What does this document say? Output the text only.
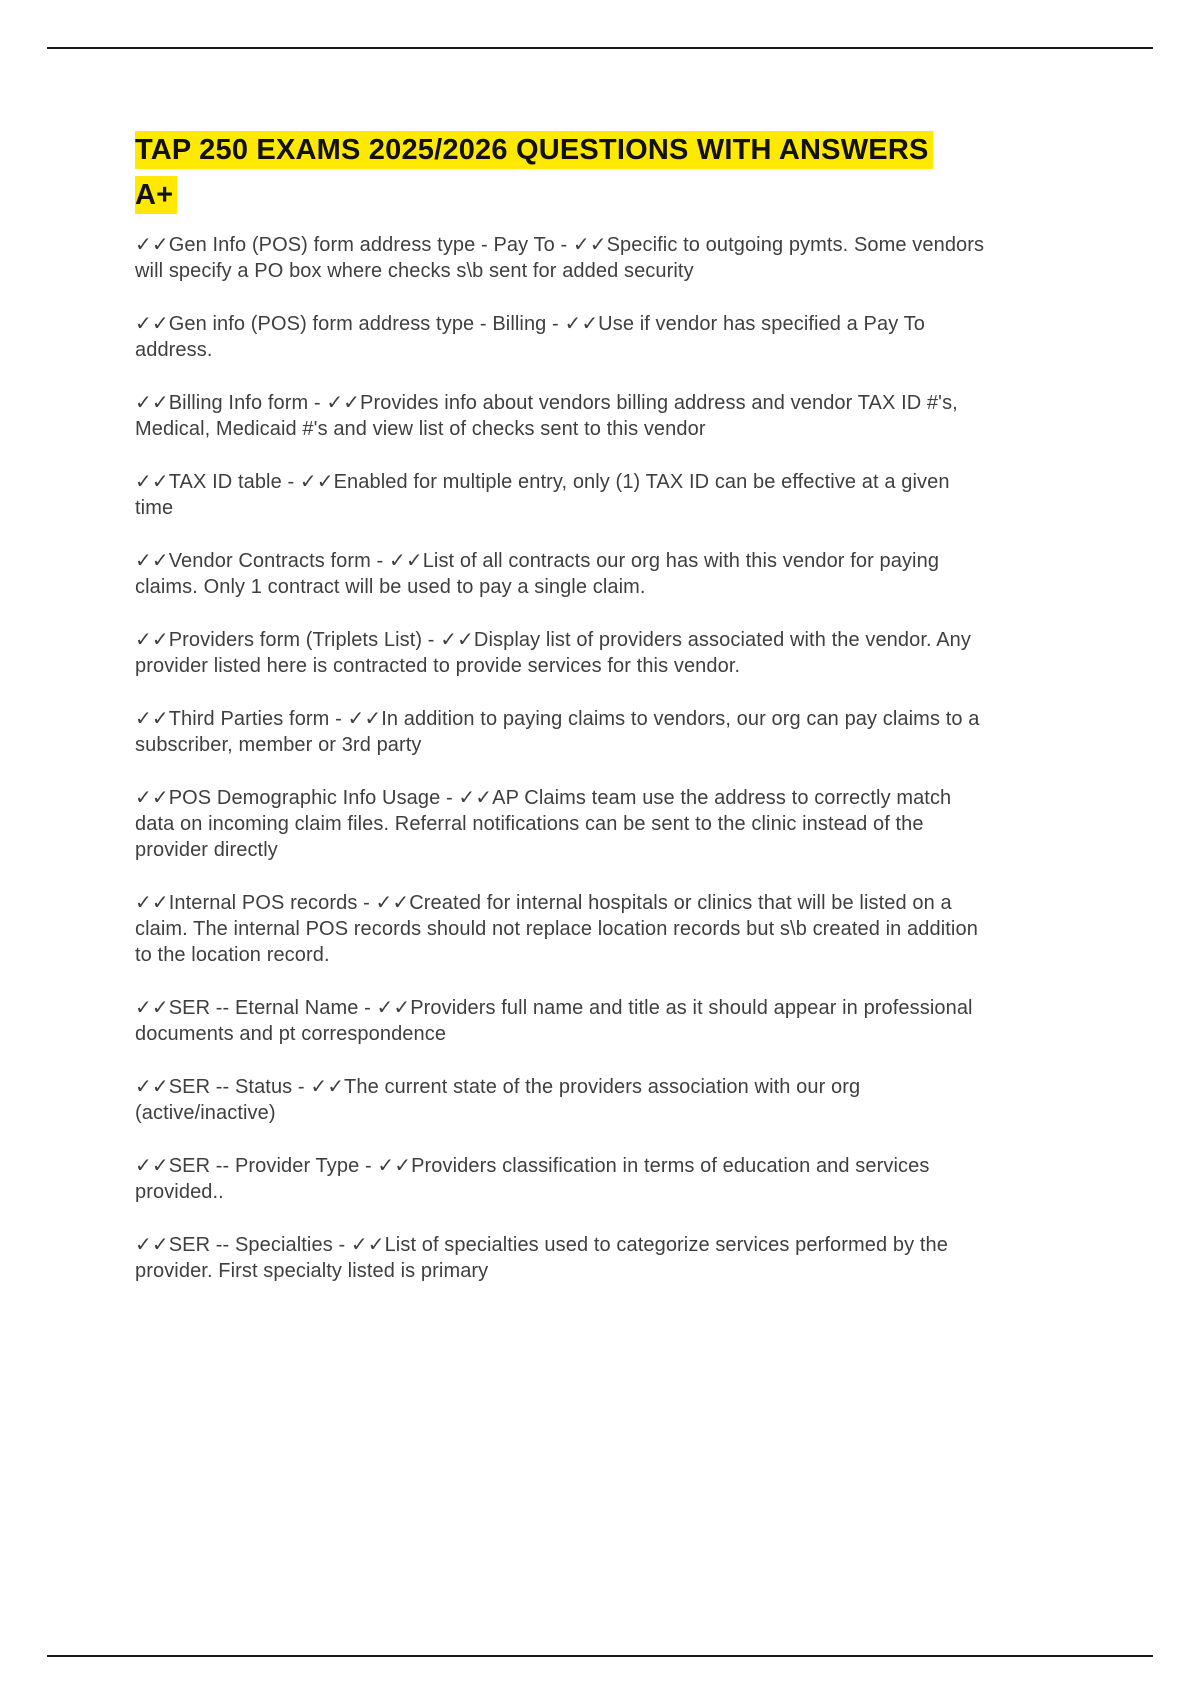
TAP 250 EXAMS 2025/2026 QUESTIONS WITH ANSWERS
A+

✓✓Gen Info (POS) form address type - Pay To - ✓✓Specific to outgoing pymts. Some vendors will specify a PO box where checks s\b sent for added security

✓✓Gen info (POS) form address type - Billing - ✓✓Use if vendor has specified a Pay To address.

✓✓Billing Info form - ✓✓Provides info about vendors billing address and vendor TAX ID #'s, Medical, Medicaid #'s and view list of checks sent to this vendor

✓✓TAX ID table - ✓✓Enabled for multiple entry, only (1) TAX ID can be effective at a given time

✓✓Vendor Contracts form - ✓✓List of all contracts our org has with this vendor for paying claims. Only 1 contract will be used to pay a single claim.

✓✓Providers form (Triplets List) - ✓✓Display list of providers associated with the vendor. Any provider listed here is contracted to provide services for this vendor.

✓✓Third Parties form - ✓✓In addition to paying claims to vendors, our org can pay claims to a subscriber, member or 3rd party

✓✓POS Demographic Info Usage - ✓✓AP Claims team use the address to correctly match data on incoming claim files. Referral notifications can be sent to the clinic instead of the provider directly

✓✓Internal POS records - ✓✓Created for internal hospitals or clinics that will be listed on a claim. The internal POS records should not replace location records but s\b created in addition to the location record.

✓✓SER -- Eternal Name - ✓✓Providers full name and title as it should appear in professional documents and pt correspondence

✓✓SER -- Status - ✓✓The current state of the providers association with our org (active/inactive)

✓✓SER -- Provider Type - ✓✓Providers classification in terms of education and services provided..

✓✓SER -- Specialties - ✓✓List of specialties used to categorize services performed by the provider. First specialty listed is primary
